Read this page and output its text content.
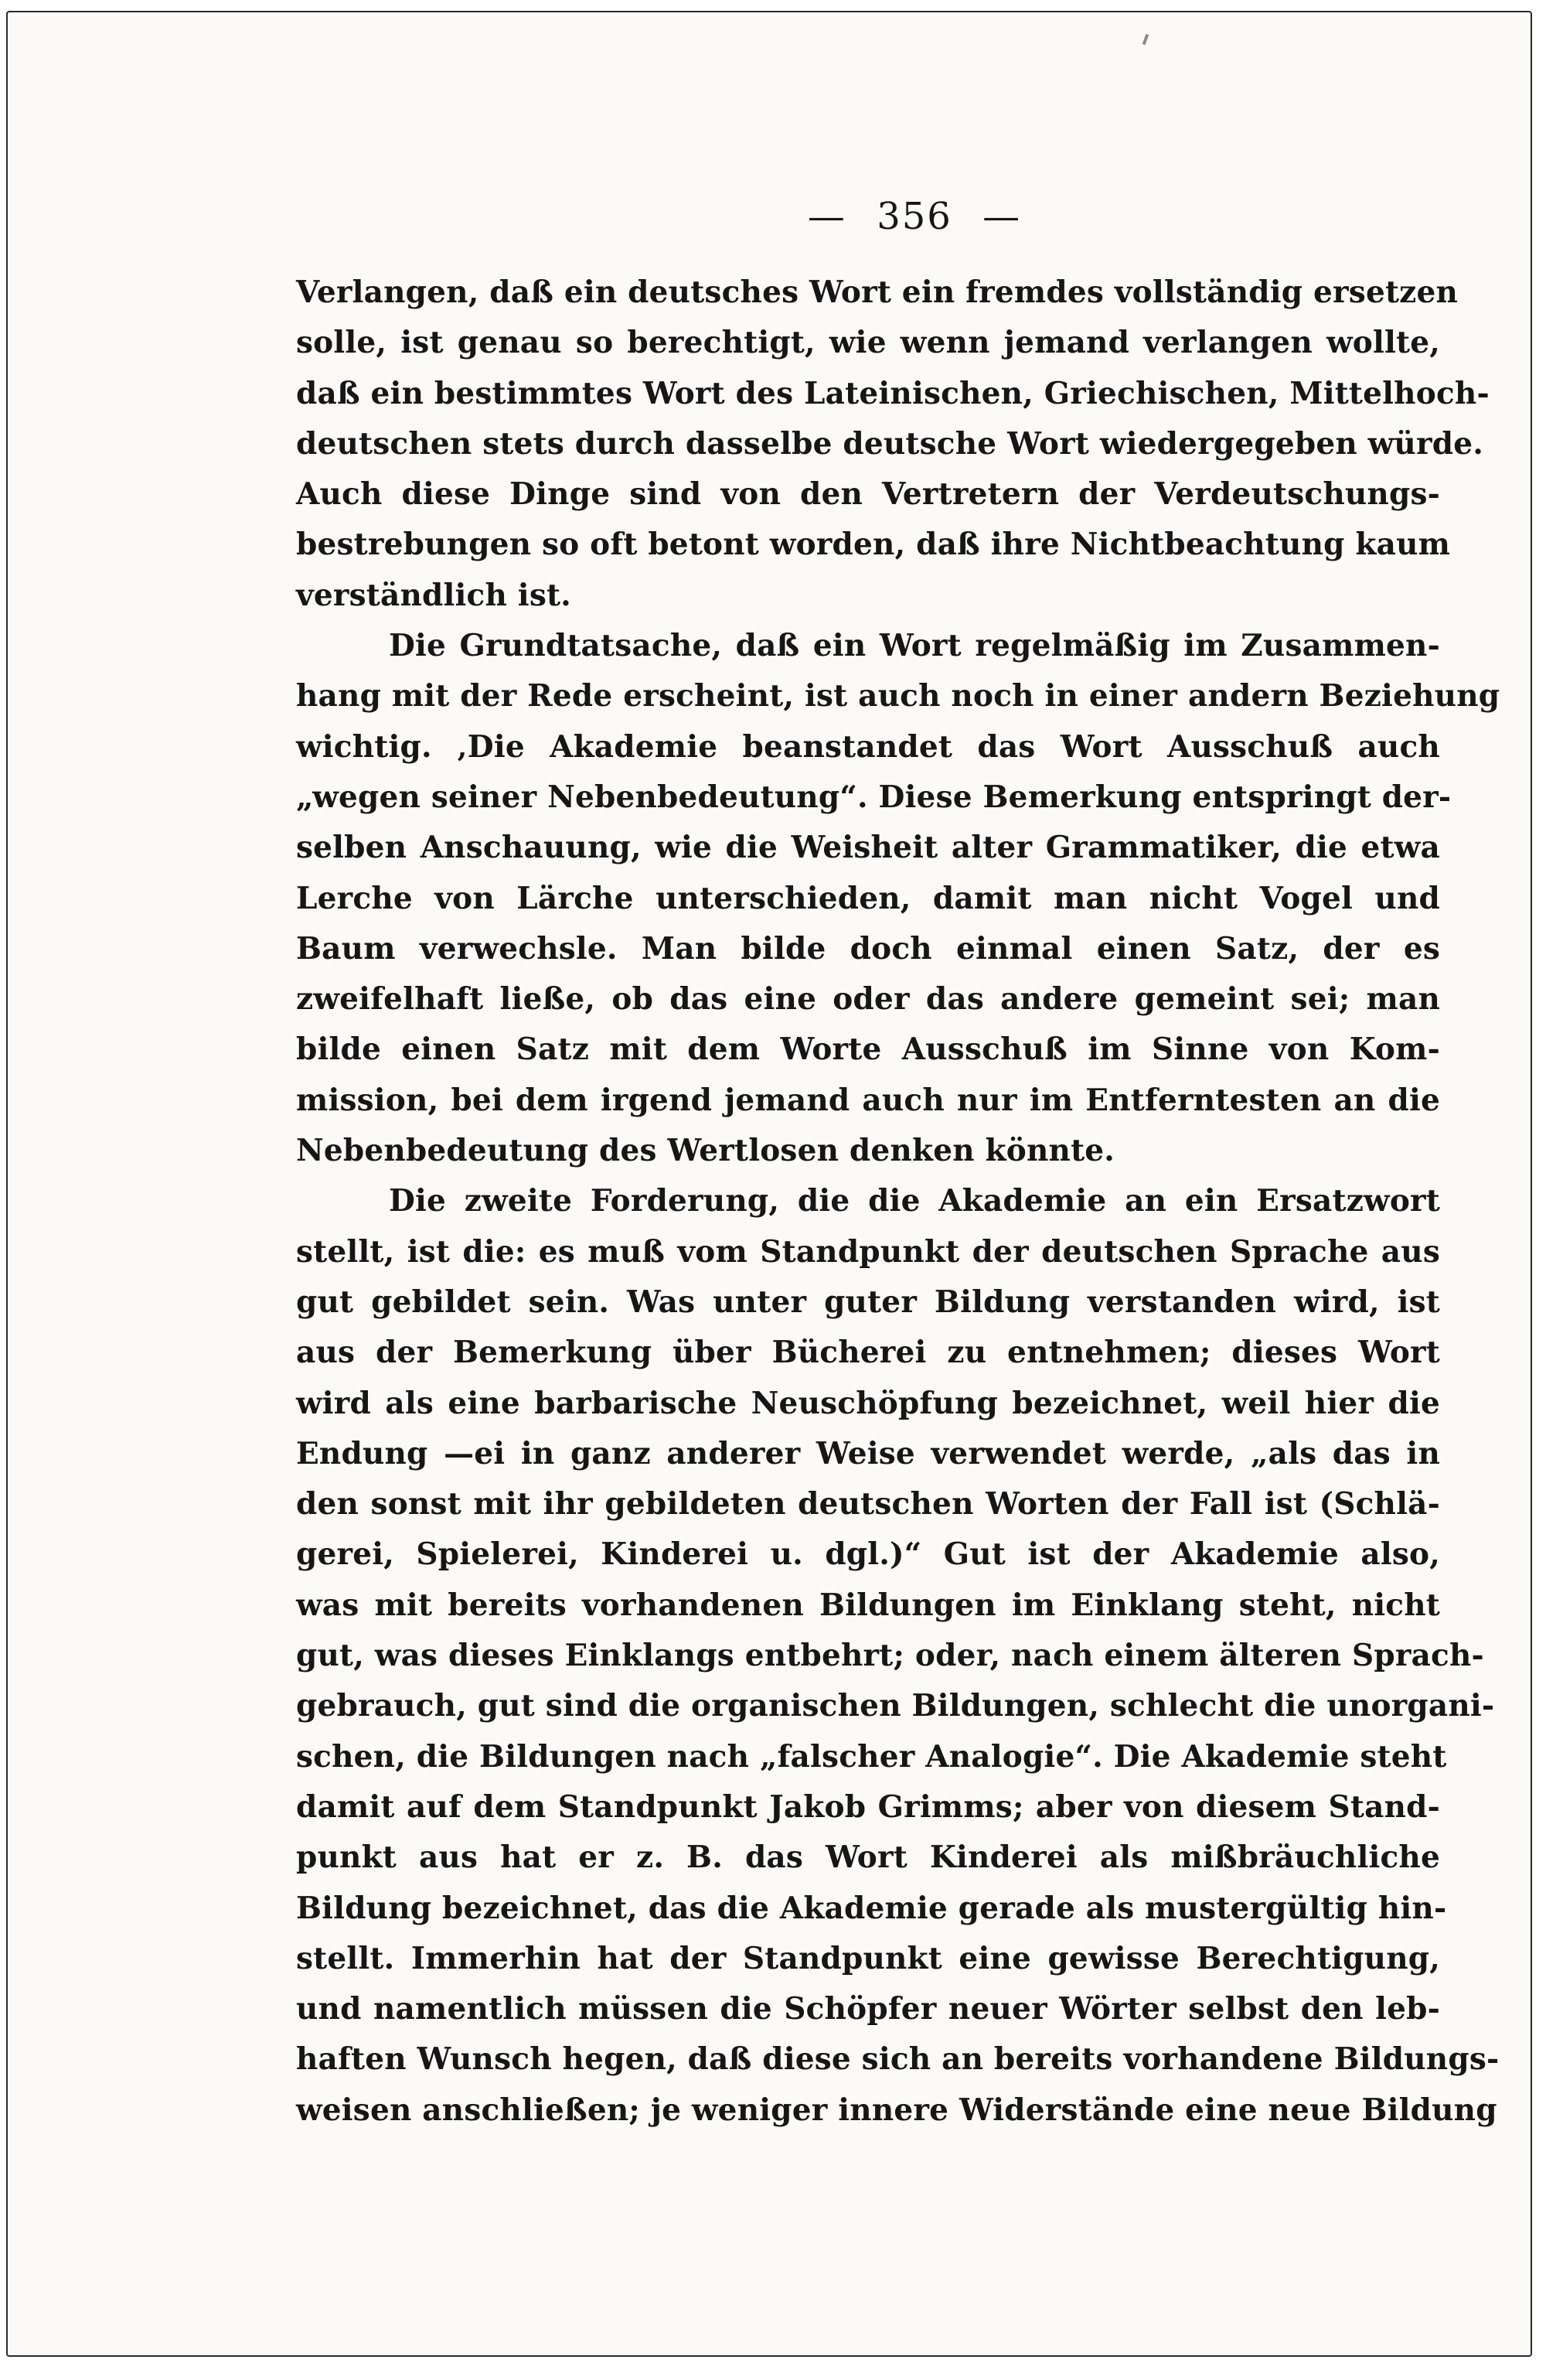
— 356 —
Verlangen, daß ein deutsches Wort ein fremdes vollständig ersetzen
solle, ist genau so berechtigt, wie wenn jemand verlangen wollte,
daß ein bestimmtes Wort des Lateinischen, Griechischen, Mittelhoch-
deutschen stets durch dasselbe deutsche Wort wiedergegeben würde.
Auch diese Dinge sind von den Vertretern der Verdeutschungs-
bestrebungen so oft betont worden, daß ihre Nichtbeachtung kaum
verständlich ist.
Die Grundtatsache, daß ein Wort regelmäßig im Zusammen-
hang mit der Rede erscheint, ist auch noch in einer andern Beziehung
wichtig. ‚Die Akademie beanstandet das Wort Ausschuß auch
„wegen seiner Nebenbedeutung“. Diese Bemerkung entspringt der-
selben Anschauung, wie die Weisheit alter Grammatiker, die etwa
Lerche von Lärche unterschieden, damit man nicht Vogel und
Baum verwechsle. Man bilde doch einmal einen Satz, der es
zweifelhaft ließe, ob das eine oder das andere gemeint sei; man
bilde einen Satz mit dem Worte Ausschuß im Sinne von Kom-
mission, bei dem irgend jemand auch nur im Entferntesten an die
Nebenbedeutung des Wertlosen denken könnte.
Die zweite Forderung, die die Akademie an ein Ersatzwort
stellt, ist die: es muß vom Standpunkt der deutschen Sprache aus
gut gebildet sein. Was unter guter Bildung verstanden wird, ist
aus der Bemerkung über Bücherei zu entnehmen; dieses Wort
wird als eine barbarische Neuschöpfung bezeichnet, weil hier die
Endung —ei in ganz anderer Weise verwendet werde, „als das in
den sonst mit ihr gebildeten deutschen Worten der Fall ist (Schlä-
gerei, Spielerei, Kinderei u. dgl.)“ Gut ist der Akademie also,
was mit bereits vorhandenen Bildungen im Einklang steht, nicht
gut, was dieses Einklangs entbehrt; oder, nach einem älteren Sprach-
gebrauch, gut sind die organischen Bildungen, schlecht die unorgani-
schen, die Bildungen nach „falscher Analogie“. Die Akademie steht
damit auf dem Standpunkt Jakob Grimms; aber von diesem Stand-
punkt aus hat er z. B. das Wort Kinderei als mißbräuchliche
Bildung bezeichnet, das die Akademie gerade als mustergültig hin-
stellt. Immerhin hat der Standpunkt eine gewisse Berechtigung,
und namentlich müssen die Schöpfer neuer Wörter selbst den leb-
haften Wunsch hegen, daß diese sich an bereits vorhandene Bildungs-
weisen anschließen; je weniger innere Widerstände eine neue Bildung
